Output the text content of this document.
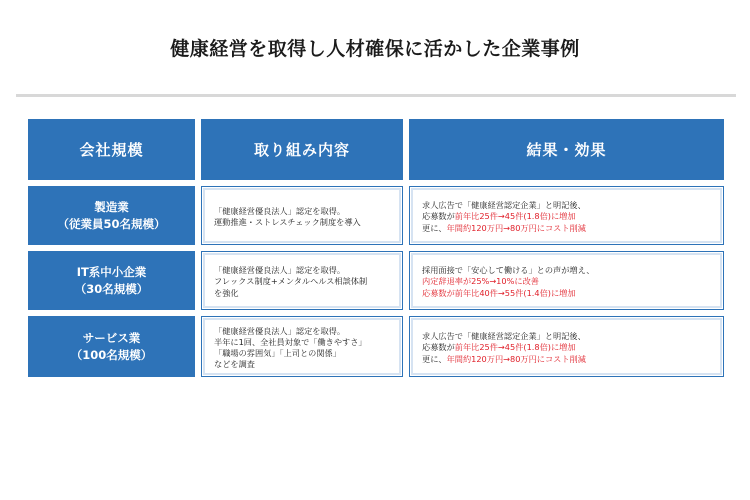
健康経営を取得し人材確保に活かした企業事例
会社規模	取り組み内容	結果・効果
製造業
（従業員50名規模）
「健康経営優良法人」認定を取得。
運動推進・ストレスチェック制度を導入
求人広告で「健康経営認定企業」と明記後、
応募数が前年比25件→45件(1.8倍)に増加
更に、年間約120万円→80万円にコスト削減
IT系中小企業
（30名規模）
「健康経営優良法人」認定を取得。
フレックス制度+メンタルヘルス相談体制
を強化
採用面接で「安心して働ける」との声が増え、
内定辞退率が25%→10%に改善
応募数が前年比40件→55件(1.4倍)に増加
サービス業
（100名規模）
「健康経営優良法人」認定を取得。
半年に1回、全社員対象で「働きやすさ」
「職場の雰囲気」「上司との関係」
などを調査
求人広告で「健康経営認定企業」と明記後、
応募数が前年比25件→45件(1.8倍)に増加
更に、年間約120万円→80万円にコスト削減
